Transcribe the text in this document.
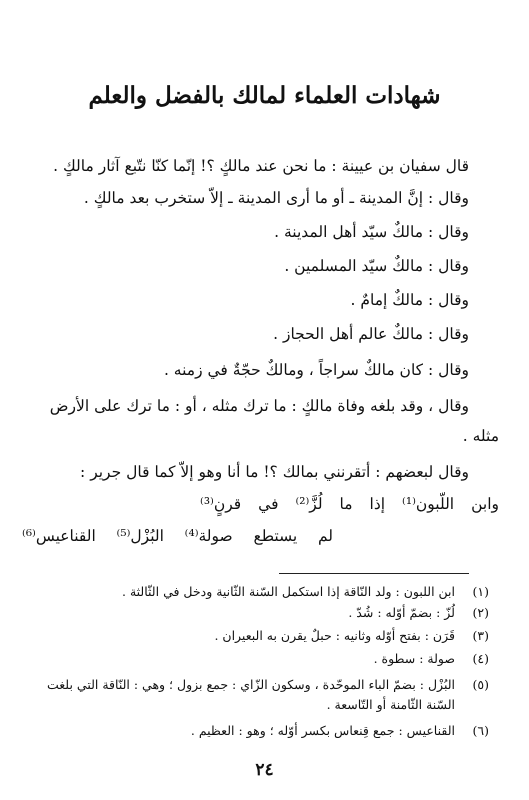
شهادات العلماء لمالك بالفضل والعلم
قال سفيان بن عيينة : ما نحن عند مالكٍ ؟! إنّما كنّا نتّبع آثار مالكٍ .
وقال : إنَّ المدينة ـ أو ما أرى المدينة ـ إلاّ ستخرب بعد مالكٍ .
وقال : مالكٌ سيّد أهل المدينة .
وقال : مالكٌ سيّد المسلمين .
وقال : مالكٌ إمامٌ .
وقال : مالكٌ عالم أهل الحجاز .
وقال : كان مالكٌ سراجاً ، ومالكٌ حجّةٌ في زمنه .
وقال ، وقد بلغه وفاة مالكٍ : ما ترك مثله ، أو : ما ترك على الأرض
مثله .
وقال لبعضهم : أتقرنني بمالك ؟! ما أنا وهو إلاّ كما قال جرير :
وابن اللّبون⁽¹⁾ إذا ما لُزَّ⁽²⁾ في قرنٍ⁽³⁾
لم يستطع صولة⁽⁴⁾ البُزْل⁽⁵⁾ القناعيس⁽⁶⁾
(١)ابن اللبون : ولد النّاقة إذا استكمل السّنة الثّانية ودخل في الثّالثة .
(٢)لُزّ : بضمّ أوّله : شُدّ .
(٣)قَرَن : بفتح أوّله وثانيه : حبلٌ يقرن به البعيران .
(٤)صولة : سطوة .
(٥)البُزْل : بضمّ الباء الموحّدة ، وسكون الزّاي : جمع بزول ؛ وهي : النّاقة التي بلغت
السّنة الثّامنة أو التّاسعة .
(٦)القناعيس : جمع قِنعاس بكسر أوّله ؛ وهو : العظيم .
٢٤
